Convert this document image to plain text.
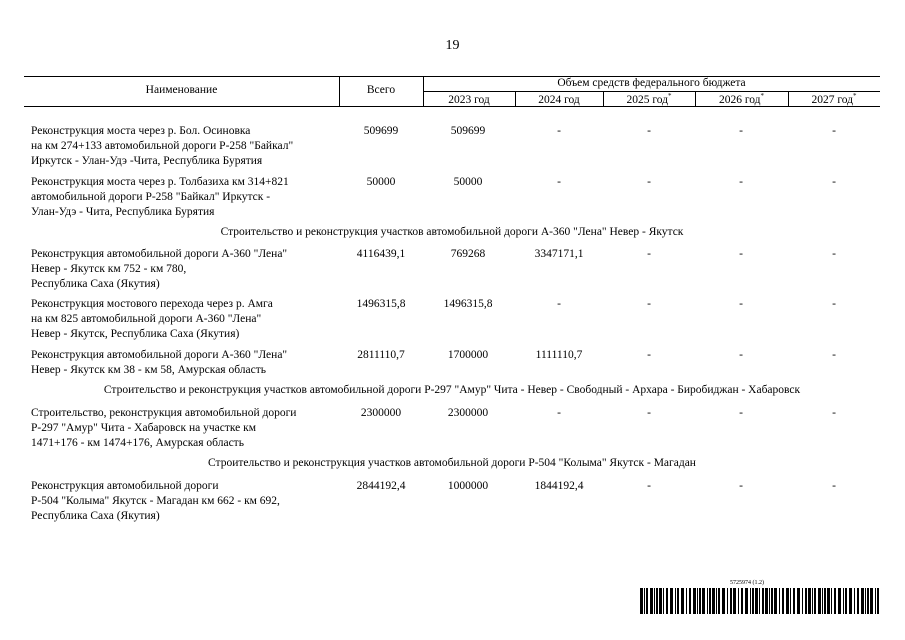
19
Наименование	Всего
Объем средств федерального бюджета
2023 год	2024 год	2025 год*	2026 год*	2027 год*
Реконструкция моста через р. Бол. Осиновка
на км 274+133 автомобильной дороги Р-258 "Байкал"
Иркутск - Улан-Удэ -Чита, Республика Бурятия
509699	509699	-	-	-	-
Реконструкция моста через р. Толбазиха км 314+821
автомобильной дороги Р-258 "Байкал" Иркутск -
Улан-Удэ - Чита, Республика Бурятия
50000	50000	-	-	-	-
Строительство и реконструкция участков автомобильной дороги А-360 "Лена" Невер - Якутск
Реконструкция автомобильной дороги А-360 "Лена"
Невер - Якутск км 752 - км 780,
Республика Саха (Якутия)
4116439,1	769268	3347171,1	-	-	-
Реконструкция мостового перехода через р. Амга
на км 825 автомобильной дороги А-360 "Лена"
Невер - Якутск, Республика Саха (Якутия)
1496315,8	1496315,8	-	-	-	-
Реконструкция автомобильной дороги А-360 "Лена"
Невер - Якутск км 38 - км 58, Амурская область
2811110,7	1700000	1111110,7	-	-	-
Строительство и реконструкция участков автомобильной дороги Р-297 "Амур" Чита - Невер - Свободный - Архара - Биробиджан - Хабаровск
Строительство, реконструкция автомобильной дороги
Р-297 "Амур" Чита - Хабаровск на участке км
1471+176 - км 1474+176, Амурская область
2300000	2300000	-	-	-	-
Строительство и реконструкция участков автомобильной дороги Р-504 "Колыма" Якутск - Магадан
Реконструкция автомобильной дороги
Р-504 "Колыма" Якутск - Магадан км 662 - км 692,
Республика Саха (Якутия)
2844192,4	1000000	1844192,4	-	-	-
5725974 (1.2)
